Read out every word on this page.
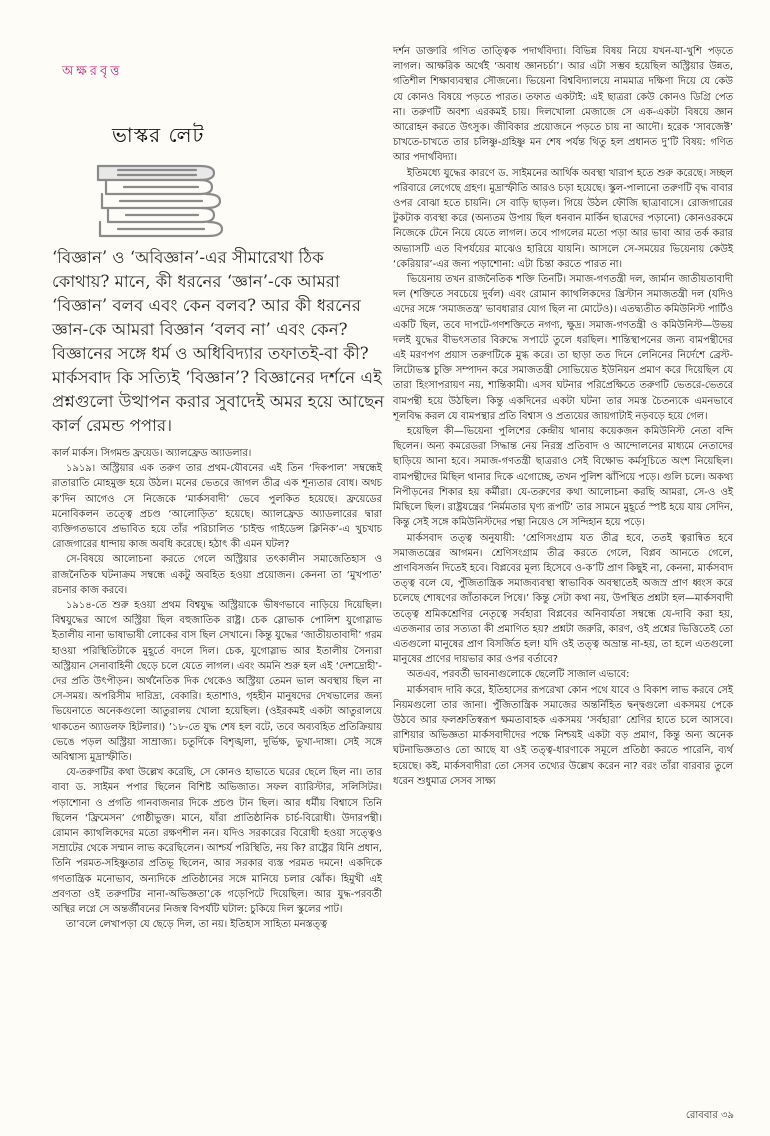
অক্ষরবৃত্ত
ভাস্কর লেট
‘বিজ্ঞান’ ও ‘অবিজ্ঞান’-এর সীমারেখা ঠিক কোথায়? মানে, কী ধরনের ‘জ্ঞান’-কে আমরা ‘বিজ্ঞান’ বলব এবং কেন বলব? আর কী ধরনের জ্ঞান-কে আমরা বিজ্ঞান ‘বলব না’ এবং কেন? বিজ্ঞানের সঙ্গে ধর্ম ও অধিবিদ্যার তফাতই-বা কী? মার্কসবাদ কি সত্যিই ‘বিজ্ঞান’? বিজ্ঞানের দর্শনে এই প্রশ্নগুলো উত্থাপন করার সুবাদেই অমর হয়ে আছেন কার্ল রেমন্ড পপার।

কার্ল মার্কস। সিগমন্ড ফ্রয়েড। অ্যালফ্রেড অ্যাডলার।

১৯১৯। অস্ট্রিয়ার এক তরুণ তার প্রথম-যৌবনের এই তিন ‘দিকপাল’ সম্বন্ধেই রাতারাতি মোহমুক্ত হয়ে উঠল। মনের ভেতরে জাগল তীব্র এক শূন্যতার বোধ। অথচ ক’দিন আগেও সে নিজেকে ‘মার্কসবাদী’ ভেবে পুলকিত হয়েছে। ফ্রয়েডের মনোবিকলন তত্ত্বে প্রচণ্ড ‘আলোড়িত’ হয়েছে। অ্যালফ্রেড অ্যাডলারের দ্বারা ব্যক্তিগতভাবে প্রভাবিত হয়ে তাঁর পরিচালিত ‘চাইল্ড গাইডেন্স ক্লিনিক’-এ খুচখাচ রোজগারের ধান্দায় কাজ অবধি করেছে। হঠাৎ কী এমন ঘটল?

সে-বিষয়ে আলোচনা করতে গেলে অস্ট্রিয়ার তৎকালীন সমাজেতিহাস ও রাজনৈতিক ঘটনাক্রম সম্বন্ধে একটু অবহিত হওয়া প্রয়োজন। কেননা তা ‘মুখপাত’ রচনার কাজ করবে।

১৯১৪-তে শুরু হওয়া প্রথম বিশ্বযুদ্ধ অস্ট্রিয়াকে ভীষণভাবে নাড়িয়ে দিয়েছিল। বিশ্বযুদ্ধের আগে অস্ট্রিয়া ছিল বহুজাতিক রাষ্ট্র। চেক স্লোভাক পোলিশ যুগোস্লাভ ইতালীয় নানা ভাষাভাষী লোকের বাস ছিল সেখানে। কিন্তু যুদ্ধের ‘জাতীয়তাবাদী’ গরম হাওয়া পরিস্থিতিটাকে মুহূর্তে বদলে দিল। চেক, যুগোস্লাভ আর ইতালীয় সৈন্যরা অস্ট্রিয়ান সেনাবাহিনী ছেড়ে চলে যেতে লাগল। এবং অমনি শুরু হল এই ‘দেশদ্রোহী’-দের প্রতি উৎপীড়ন। অর্থনৈতিক দিক থেকেও অস্ট্রিয়া তেমন ভাল অবস্থায় ছিল না সে-সময়। অপরিসীম দারিদ্র্য, বেকারি। হতাশাও, গৃহহীন মানুষদের দেখভালের জন্য ভিয়েনাতে অনেকগুলো আতুরালয় খোলা হয়েছিল। (ওইরকমই একটা আতুরালয়ে থাকতেন অ্যাডলফ হিটলার।) ’১৮-তে যুদ্ধ শেষ হল বটে, তবে অব্যবহিত প্রতিক্রিয়ায় ভেঙে পড়ল অস্ট্রিয়া সাম্রাজ্য। চতুর্দিকে বিশৃঙ্খলা, দুর্ভিক্ষ, ভুখা-দাঙ্গা। সেই সঙ্গে অবিশ্বাস্য মুদ্রাস্ফীতি।

যে-তরুণটির কথা উল্লেখ করেছি, সে কোনও হাভাতে ঘরের ছেলে ছিল না। তার বাবা ড. সাইমন পপার ছিলেন বিশিষ্ট অভিজাত। সফল ব্যারিস্টার, সলিসিটর। পড়াশোনা ও প্রগতি গানবাজনার দিকে প্রচণ্ড টান ছিল। আর ধর্মীয় বিশ্বাসে তিনি ছিলেন ‘ফ্রিমেসন’ গোষ্ঠীভুক্ত। মানে, যাঁরা প্রাতিষ্ঠানিক চার্চ-বিরোধী। উদারপন্থী। রোমান ক্যাথলিকদের মতো রক্ষণশীল নন। যদিও সরকারের বিরোধী হওয়া সত্ত্বেও সম্রাটের থেকে সম্মান লাভ করেছিলেন। আশ্চর্য পরিস্থিতি, নয় কি? রাষ্ট্রের যিনি প্রধান, তিনি পরমত-সহিষ্ণুতার প্রতিভূ ছিলেন, আর সরকার ব্যস্ত পরমত দমনে! একদিকে গণতান্ত্রিক মনোভাব, অন্যদিকে প্রতিষ্ঠানের সঙ্গে মানিয়ে চলার ঝোঁক। হিমুখী এই প্রবণতা ওই তরুণটির নানা-অভিজ্ঞতা’কে গড়েপিটে দিয়েছিল। আর যুদ্ধ-পরবর্তী অস্থির লগ্নে সে অন্তর্জীবনের নিজস্ব বিপর্যটি ঘটাল: চুকিয়ে দিল স্কুলের পাট।

তা’বলে লেখাপড়া যে ছেড়ে দিল, তা নয়। ইতিহাস সাহিত্য মনস্তত্ত্ব

দর্শন ডাক্তারি গণিত তাত্ত্বিক পদার্থবিদ্যা। বিভিন্ন বিষয় নিয়ে যখন-যা-খুশি পড়তে লাগল। আক্ষরিক অর্থেই ‘অবাধ জ্ঞানচর্চা’। আর এটা সম্ভব হয়েছিল অস্ট্রিয়ার উন্নত, গতিশীল শিক্ষাব্যবস্থার সৌজন্যে। ভিয়েনা বিশ্ববিদ্যালয়ে নামমাত্র দক্ষিণা দিয়ে যে কেউ যে কোনও বিষয়ে পড়তে পারত। তফাত একটাই: এই ছাত্ররা কেউ কোনও ডিগ্রি পেত না। তরুণটি অবশ্য এরকমই চায়। দিলখোলা মেজাজে সে এক-একটা বিষয়ে জ্ঞান আরোহন করতে উৎসুক। জীবিকার প্রয়োজনে পড়তে চায় না আদৌ। হরেক ‘সাবজেক্ট’ চাখতে-চাখতে তার চলিষ্ণু-গ্রহিষ্ণু মন শেষ পর্যন্ত থিতু হল প্রধানত দু’টি বিষয়: গণিত আর পদার্থবিদ্যা।

ইতিমধ্যে যুদ্ধের কারণে ড. সাইমনের আর্থিক অবস্থা খারাপ হতে শুরু করেছে। সচ্ছল পরিবারে লেগেছে গ্রহণ। মুদ্রাস্ফীতি আরও চড়া হয়েছে। স্কুল-পালানো তরুণটি বৃদ্ধ বাবার ওপর বোঝা হতে চায়নি। সে বাড়ি ছাড়ল। গিয়ে উঠল ফৌজি ছাত্রাবাসে। রোজগারের টুকটাক ব্যবস্থা করে (অন্যতম উপায় ছিল ধনবান মার্কিন ছাত্রদের পড়ানো) কোনওরকমে নিজেকে টেনে নিয়ে যেতে লাগল। তবে পাগলের মতো পড়া আর ভাবা আর তর্ক করার অভ্যাসটি এত বিপর্যয়ের মাঝেও হারিয়ে যায়নি। আসলে সে-সময়ের ভিয়েনায় কেউই ‘কেরিয়ার’-এর জন্য পড়াশোনা: এটা চিন্তা করতে পারত না।

ভিয়েনায় তখন রাজনৈতিক শক্তি তিনটি। সমাজ-গণতন্ত্রী দল, জার্মান জাতীয়তাবাদী দল (শক্তিতে সবচেয়ে দুর্বল) এবং রোমান ক্যাথলিকদের খ্রিস্টান সমাজতন্ত্রী দল (যদিও এদের সঙ্গে ‘সমাজতন্ত্র’ ভাবধারার যোগ ছিল না মোটেও)। এতদ্ব্যতীত কমিউনিস্ট পার্টিও একটি ছিল, তবে দাপটে-গণশক্তিতে নগণ্য, ক্ষুদ্র। সমাজ-গণতন্ত্রী ও কমিউনিস্ট—উভয় দলই যুদ্ধের বীভৎসতার বিরুদ্ধে সপাটে তুলে ধরছিল। শান্তিস্থাপনের জন্য বামপন্থীদের এই মরণপণ প্রয়াস তরুণটিকে মুগ্ধ করে। তা ছাড়া তত দিনে লেনিনের নির্দেশে ব্রেস্ট-লিটোভস্ক চুক্তি সম্পাদন করে সমাজতন্ত্রী সোভিয়েত ইউনিয়ন প্রমাণ করে দিয়েছিল যে তারা হিংসাপরায়ণ নয়, শান্তিকামী। এসব ঘটনার পরিপ্রেক্ষিতে তরুণটি ভেতরে-ভেতরে বামপন্থী হয়ে উঠছিল। কিন্তু একদিনের একটা ঘটনা তার সমস্ত চৈতন্যকে এমনভাবে শূলবিদ্ধ করল যে বামপন্থার প্রতি বিশ্বাস ও প্রত্যয়ের জায়গাটাই নড়বড়ে হয়ে গেল।

হয়েছিল কী—ভিয়েনা পুলিশের কেন্দ্রীয় থানায় কয়েকজন কমিউনিস্ট নেতা বন্দি ছিলেন। অন্য কমরেডরা সিদ্ধান্ত নেয় নিরস্ত্র প্রতিবাদ ও আন্দোলনের মাধ্যমে নেতাদের ছাড়িয়ে আনা হবে। সমাজ-গণতন্ত্রী ছাত্ররাও সেই বিক্ষোভ কর্মসূচিতে অংশ নিয়েছিল। বামপন্থীদের মিছিল থানার দিকে এগোচ্ছে, তখন পুলিশ ঝাঁপিয়ে পড়ে। গুলি চলে। অকথ্য নিপীড়নের শিকার হয় কর্মীরা। যে-তরুণের কথা আলোচনা করছি আমরা, সে-ও ওই মিছিলে ছিল। রাষ্ট্রযন্ত্রের ‘নির্মমতার ঘৃণ্য রূপটি’ তার সামনে মুহূর্তে স্পষ্ট হয়ে যায় সেদিন, কিন্তু সেই সঙ্গে কমিউনিস্টদের পন্থা নিয়েও সে সন্দিহান হয়ে পড়ে।

মার্কসবাদ তত্ত্ব অনুযায়ী: ‘শ্রেণিসংগ্রাম যত তীব্র হবে, ততই ত্বরান্বিত হবে সমাজতন্ত্রের আগমন। শ্রেণিসংগ্রাম তীব্র করতে গেলে, বিপ্লব আনতে গেলে, প্রাণবিসর্জন দিতেই হবে। বিপ্লবের মূল্য হিসেবে ও-ক’টি প্রাণ কিছুই না, কেননা, মার্কসবাদ তত্ত্ব বলে যে, পুঁজিতান্ত্রিক সমাজব্যবস্থা স্বাভাবিক অবস্থাতেই অজস্র প্রাণ ধ্বংস করে চলেছে শোষণের জাঁতাকলে পিষে।’ কিন্তু সেটা কথা নয়, উপস্থিত প্রশ্নটা হল—মার্কসবাদী তত্ত্বে শ্রমিকশ্রেণির নেতৃত্বে সর্বহারা বিপ্লবের অনিবার্যতা সম্বন্ধে যে-দাবি করা হয়, এতজনার তার সত্যতা কী প্রমাণিত হয়? প্রশ্নটা জরুরি, কারণ, ওই প্রশ্নের ভিত্তিতেই তো এতগুলো মানুষের প্রাণ বিসর্জিত হল! যদি ওই তত্ত্ব অভ্রান্ত না-হয়, তা হলে এতগুলো মানুষের প্রাণের দায়ভার কার ওপর বর্তাবে?

অতএব, পরবর্তী ভাবনাগুলোকে ছেলেটি সাজাল এভাবে:

মার্কসবাদ দাবি করে, ইতিহাসের রূপরেখা কোন পথে যাবে ও বিকাশ লাভ করবে সেই নিয়মগুলো তার জানা। পুঁজিতান্ত্রিক সমাজের অন্তর্নিহিত দ্বন্দ্বগুলো একসময় পেকে উঠবে আর ফলশ্রুতিস্বরূপ ক্ষমতাবাহক একসময় ‘সর্বহারা’ শ্রেণির হাতে চলে আসবে। রাশিয়ার অভিজ্ঞতা মার্কসবাদীদের পক্ষে নিশ্চয়ই একটা বড় প্রমাণ, কিন্তু অন্য অনেক ঘটনাভিজ্ঞতাও তো আছে যা ওই তত্ত্ব-ধারণাকে সমূলে প্রতিষ্ঠা করতে পারেনি, ব্যর্থ হয়েছে। কই, মার্কসবাদীরা তো সেসব তথ্যের উল্লেখ করেন না? বরং তাঁরা বারবার তুলে ধরেন শুধুমাত্র সেসব সাক্ষ্য

রোববার ৩৯
